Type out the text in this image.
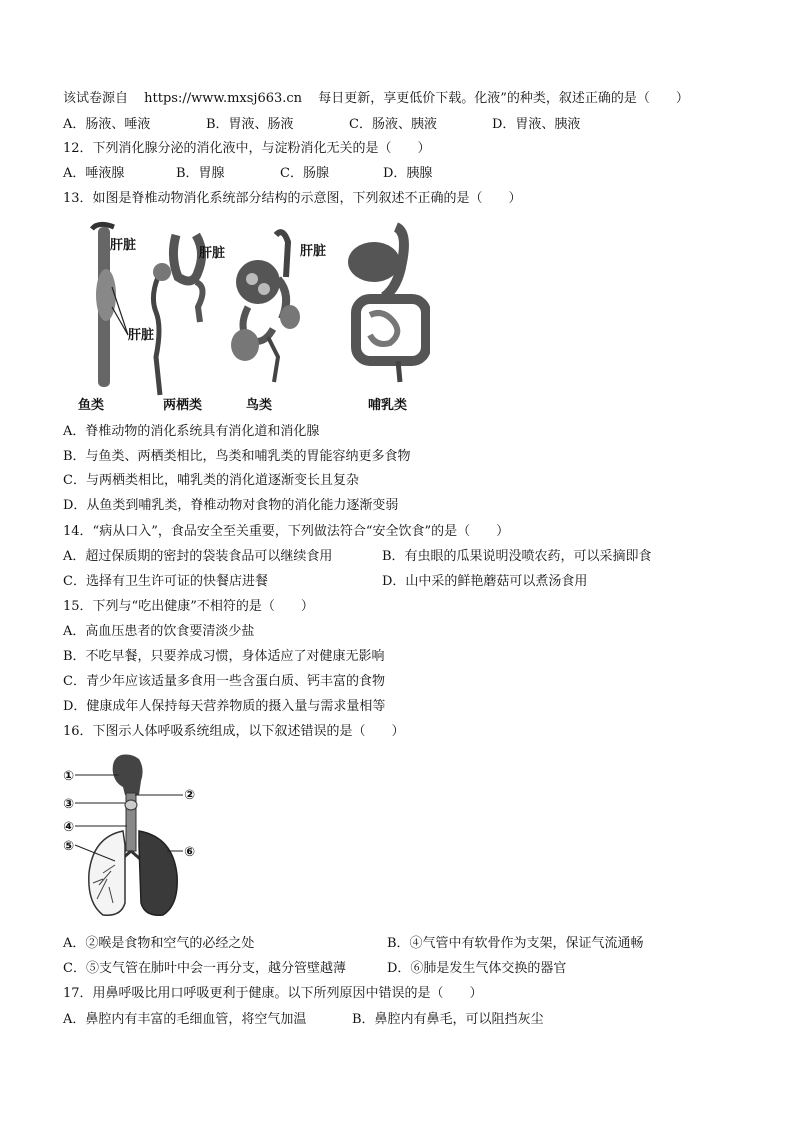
该试卷源自 https://www.mxsj663.cn 每日更新，享更低价下载。化液”的种类，叙述正确的是（　　）
A．肠液、唾液	B．胃液、肠液	C．肠液、胰液	D．胃液、胰液
12．下列消化腺分泌的消化液中，与淀粉消化无关的是（　　）
A．唾液腺	B．胃腺	C．肠腺	D．胰腺
13．如图是脊椎动物消化系统部分结构的示意图，下列叙述不正确的是（　　）
肝脏
肝脏
肝脏	肝脏
鱼类	两栖类	鸟类	哺乳类
A．脊椎动物的消化系统具有消化道和消化腺
B．与鱼类、两栖类相比，鸟类和哺乳类的胃能容纳更多食物
C．与两栖类相比，哺乳类的消化道逐渐变长且复杂
D．从鱼类到哺乳类，脊椎动物对食物的消化能力逐渐变弱
14．“病从口入”，食品安全至关重要，下列做法符合“安全饮食”的是（　　）
A．超过保质期的密封的袋装食品可以继续食用	B．有虫眼的瓜果说明没喷农药，可以采摘即食
C．选择有卫生许可证的快餐店进餐	D．山中采的鲜艳蘑菇可以煮汤食用
15．下列与“吃出健康”不相符的是（　　）
A．高血压患者的饮食要清淡少盐
B．不吃早餐，只要养成习惯，身体适应了对健康无影响
C．青少年应该适量多食用一些含蛋白质、钙丰富的食物
D．健康成年人保持每天营养物质的摄入量与需求量相等
16．下图示人体呼吸系统组成，以下叙述错误的是（　　）
①
②
③
④
⑤	⑥
A．②喉是食物和空气的必经之处	B．④气管中有软骨作为支架，保证气流通畅
C．⑤支气管在肺叶中会一再分支，越分管壁越薄	D．⑥肺是发生气体交换的器官
17．用鼻呼吸比用口呼吸更利于健康。以下所列原因中错误的是（　　）
A．鼻腔内有丰富的毛细血管，将空气加温	B．鼻腔内有鼻毛，可以阻挡灰尘
